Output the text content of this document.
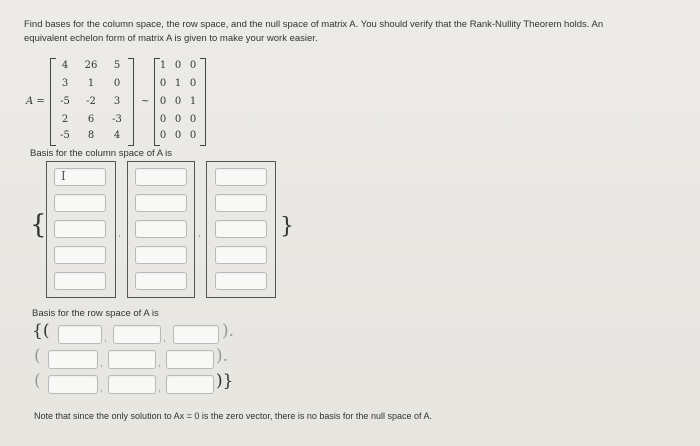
Find bases for the column space, the row space, and the null space of matrix A. You should verify that the Rank-Nullity Theorem holds. An
equivalent echelon form of matrix A is given to make your work easier.
A =
4	26	5
3	1	0
-5	-2	3
2	6	-3
-5	8	4
~
1 0 0
0 1 0
0 0 1
0 0 0
0 0 0
Basis for the column space of A is
{
I
,	,	}
Basis for the row space of A is
{(	,	,	).
(	,	,	).
(	,	,	)}
Note that since the only solution to Ax = 0 is the zero vector, there is no basis for the null space of A.
